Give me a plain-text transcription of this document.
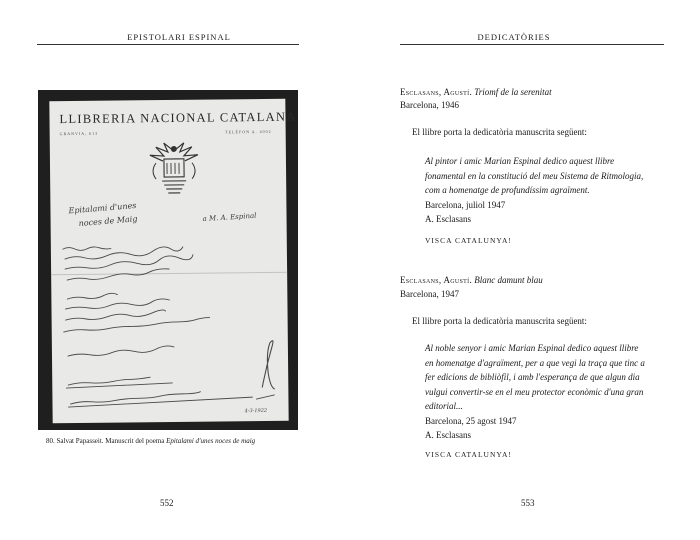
EPISTOLARI ESPINAL
LLIBRERIA NACIONAL CATALANA
GRANVIA, 613	TELÈFON A. 4002
Epitalami d'unes
noces de Maig	a M. A. Espinal
4-3-1922
80. Salvat Papasseit. Manuscrit del poema Epitalami d'unes noces de maig
552
DEDICATÒRIES
Esclasans, Agustí. Triomf de la serenitat
Barcelona, 1946
El llibre porta la dedicatòria manuscrita següent:
Al pintor i amic Marian Espinal dedico aquest llibre
fonamental en la constitució del meu Sistema de Ritmologia,
com a homenatge de profundíssim agraïment.
Barcelona, juliol 1947
A. Esclasans
VISCA CATALUNYA!
Esclasans, Agustí. Blanc damunt blau
Barcelona, 1947
El llibre porta la dedicatòria manuscrita següent:
Al noble senyor i amic Marian Espinal dedico aquest llibre
en homenatge d'agraïment, per a que vegi la traça que tinc a
fer edicions de bibliòfil, i amb l'esperança de que algun dia
vulgui convertir-se en el meu protector econòmic d'una gran
editorial...
Barcelona, 25 agost 1947
A. Esclasans
VISCA CATALUNYA!
553
